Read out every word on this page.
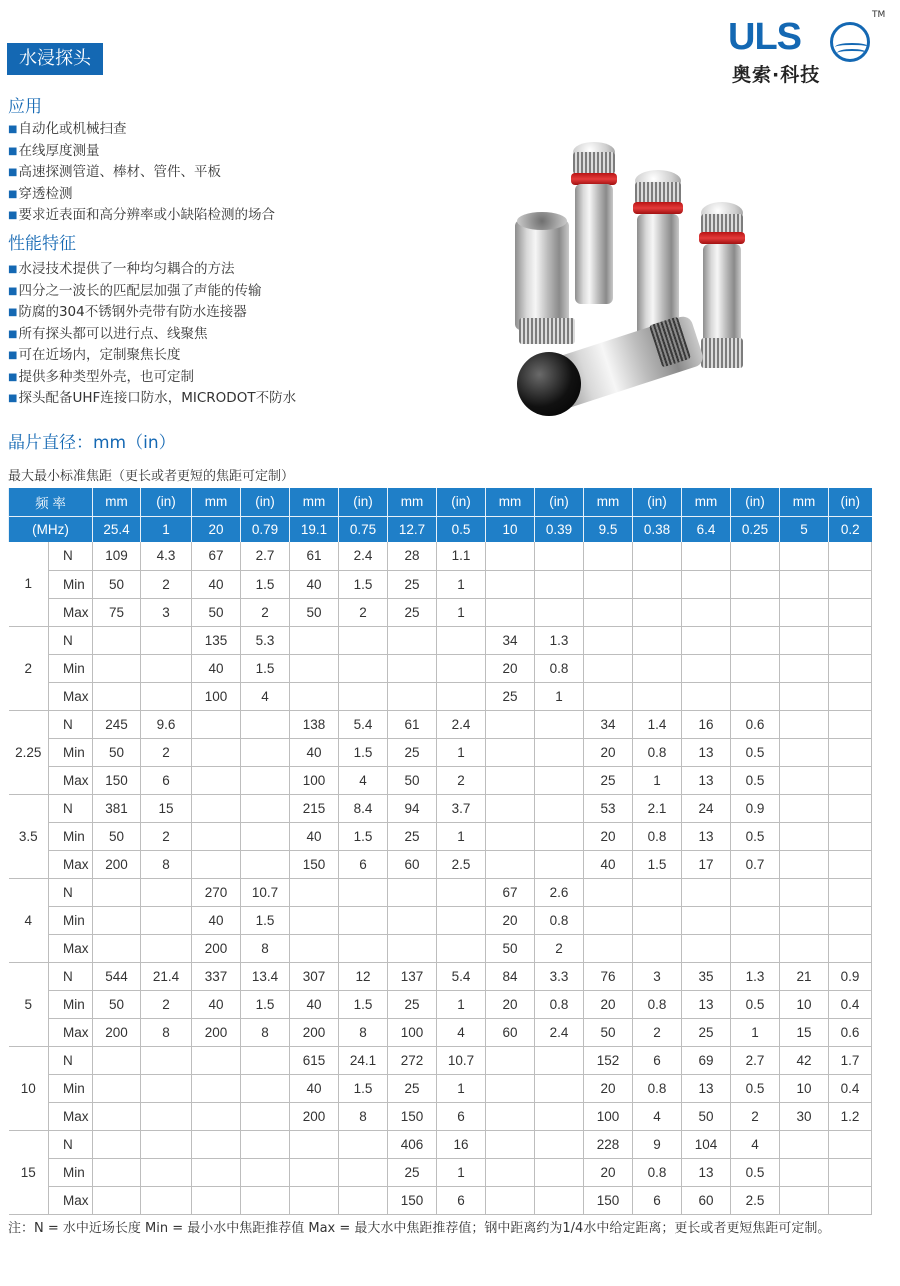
ULS
TM
奥索·科技
水浸探头
应用
■ 自动化或机械扫查
■ 在线厚度测量
■ 高速探测管道、棒材、管件、平板
■ 穿透检测
■ 要求近表面和高分辨率或小缺陷检测的场合
性能特征
■ 水浸技术提供了一种均匀耦合的方法
■ 四分之一波长的匹配层加强了声能的传输
■ 防腐的304不锈钢外壳带有防水连接器
■ 所有探头都可以进行点、线聚焦
■ 可在近场内，定制聚焦长度
■ 提供多种类型外壳，也可定制
■ 探头配备UHF连接口防水，MICRODOT不防水
晶片直径：mm（in）
最大最小标准焦距（更长或者更短的焦距可定制）
频 率		mm	(in)	mm	(in)	mm	(in)	mm	(in)	mm	(in)	mm	(in)	mm	(in)	mm	(in)
(MHz)		25.4	1	20	0.79	19.1	0.75	12.7	0.5	10	0.39	9.5	0.38	6.4	0.25	5	0.2
1	N	109	4.3	67	2.7	61	2.4	28	1.1								
	Min	50	2	40	1.5	40	1.5	25	1								
	Max	75	3	50	2	50	2	25	1								
2	N			135	5.3					34	1.3						
	Min			40	1.5					20	0.8						
	Max			100	4					25	1						
2.25	N	245	9.6			138	5.4	61	2.4			34	1.4	16	0.6		
	Min	50	2			40	1.5	25	1			20	0.8	13	0.5		
	Max	150	6			100	4	50	2			25	1	13	0.5		
3.5	N	381	15			215	8.4	94	3.7			53	2.1	24	0.9		
	Min	50	2			40	1.5	25	1			20	0.8	13	0.5		
	Max	200	8			150	6	60	2.5			40	1.5	17	0.7		
4	N			270	10.7					67	2.6						
	Min			40	1.5					20	0.8						
	Max			200	8					50	2						
5	N	544	21.4	337	13.4	307	12	137	5.4	84	3.3	76	3	35	1.3	21	0.9
	Min	50	2	40	1.5	40	1.5	25	1	20	0.8	20	0.8	13	0.5	10	0.4
	Max	200	8	200	8	200	8	100	4	60	2.4	50	2	25	1	15	0.6
10	N					615	24.1	272	10.7			152	6	69	2.7	42	1.7
	Min					40	1.5	25	1			20	0.8	13	0.5	10	0.4
	Max					200	8	150	6			100	4	50	2	30	1.2
15	N							406	16			228	9	104	4		
	Min							25	1			20	0.8	13	0.5		
	Max							150	6			150	6	60	2.5		
注：N = 水中近场长度 Min = 最小水中焦距推荐值 Max = 最大水中焦距推荐值；钢中距离约为1/4水中给定距离；更长或者更短焦距可定制。
